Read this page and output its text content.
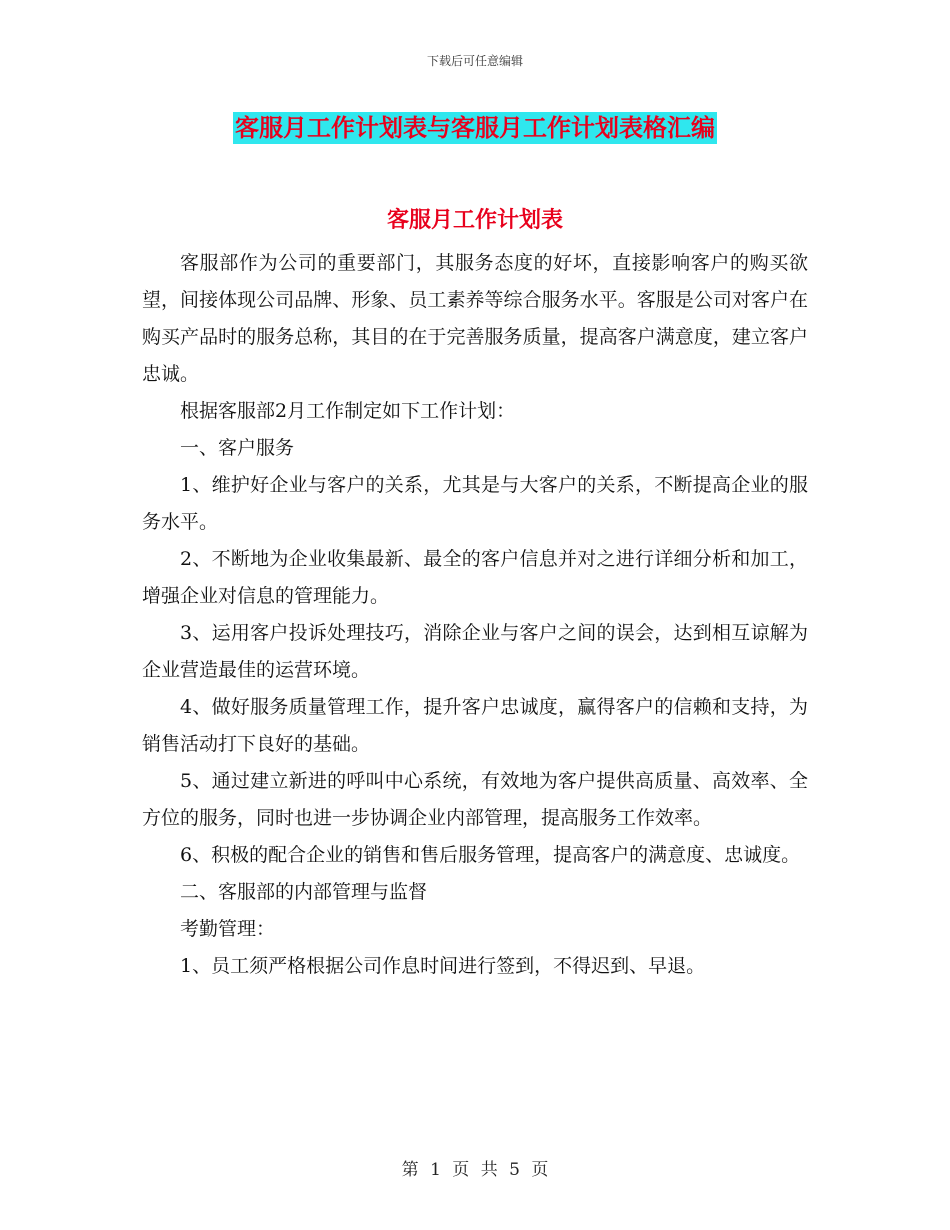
下载后可任意编辑
客服月工作计划表与客服月工作计划表格汇编
客服月工作计划表

客服部作为公司的重要部门，其服务态度的好坏，直接影响客户的购买欲望，间接体现公司品牌、形象、员工素养等综合服务水平。客服是公司对客户在购买产品时的服务总称，其目的在于完善服务质量，提高客户满意度，建立客户忠诚。

根据客服部2月工作制定如下工作计划：

一、客户服务

1、维护好企业与客户的关系，尤其是与大客户的关系，不断提高企业的服务水平。

2、不断地为企业收集最新、最全的客户信息并对之进行详细分析和加工，增强企业对信息的管理能力。

3、运用客户投诉处理技巧，消除企业与客户之间的误会，达到相互谅解为企业营造最佳的运营环境。

4、做好服务质量管理工作，提升客户忠诚度，赢得客户的信赖和支持，为销售活动打下良好的基础。

5、通过建立新进的呼叫中心系统，有效地为客户提供高质量、高效率、全方位的服务，同时也进一步协调企业内部管理，提高服务工作效率。

6、积极的配合企业的销售和售后服务管理，提高客户的满意度、忠诚度。

二、客服部的内部管理与监督

考勤管理：

1、员工须严格根据公司作息时间进行签到，不得迟到、早退。

第 1 页 共 5 页
